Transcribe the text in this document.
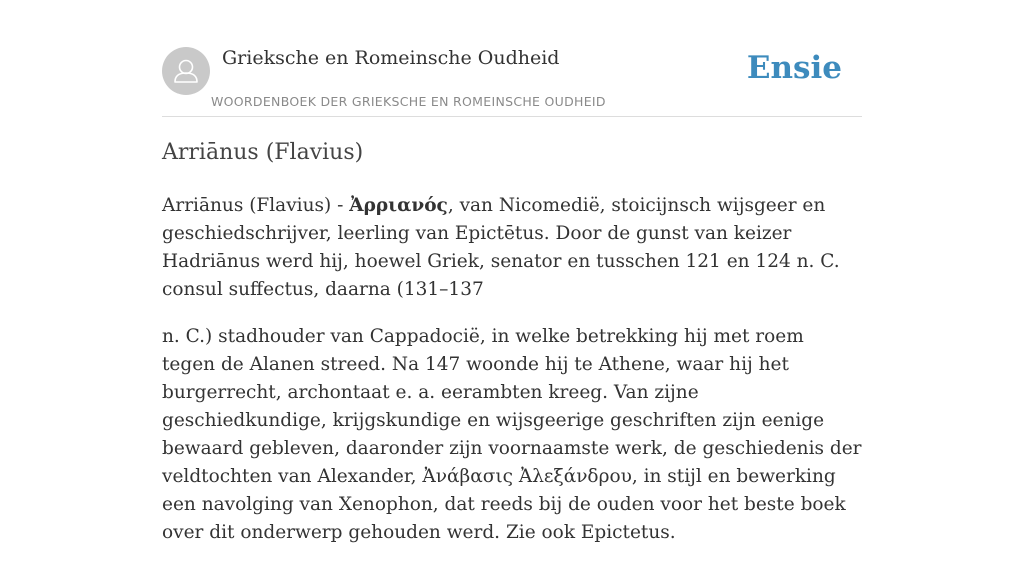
Grieksche en Romeinsche Oudheid
WOORDENBOEK DER GRIEKSCHE EN ROMEINSCHE OUDHEID
Ensie
Arriānus (Flavius)

Arriānus (Flavius) - Ἀρριανός, van Nicomedië, stoicijnsch wijsgeer en geschiedschrijver, leerling van Epictētus. Door de gunst van keizer Hadriānus werd hij, hoewel Griek, senator en tusschen 121 en 124 n. C. consul suffectus, daarna (131–137

n. C.) stadhouder van Cappadocië, in welke betrekking hij met roem tegen de Alanen streed. Na 147 woonde hij te Athene, waar hij het burgerrecht, archontaat e. a. eerambten kreeg. Van zijne geschiedkundige, krijgskundige en wijsgeerige geschriften zijn eenige bewaard gebleven, daaronder zijn voornaamste werk, de geschiedenis der veldtochten van Alexander, Ἀνάβασις Ἀλεξάνδρου, in stijl en bewerking een navolging van Xenophon, dat reeds bij de ouden voor het beste boek over dit onderwerp gehouden werd. Zie ook Epictetus.
